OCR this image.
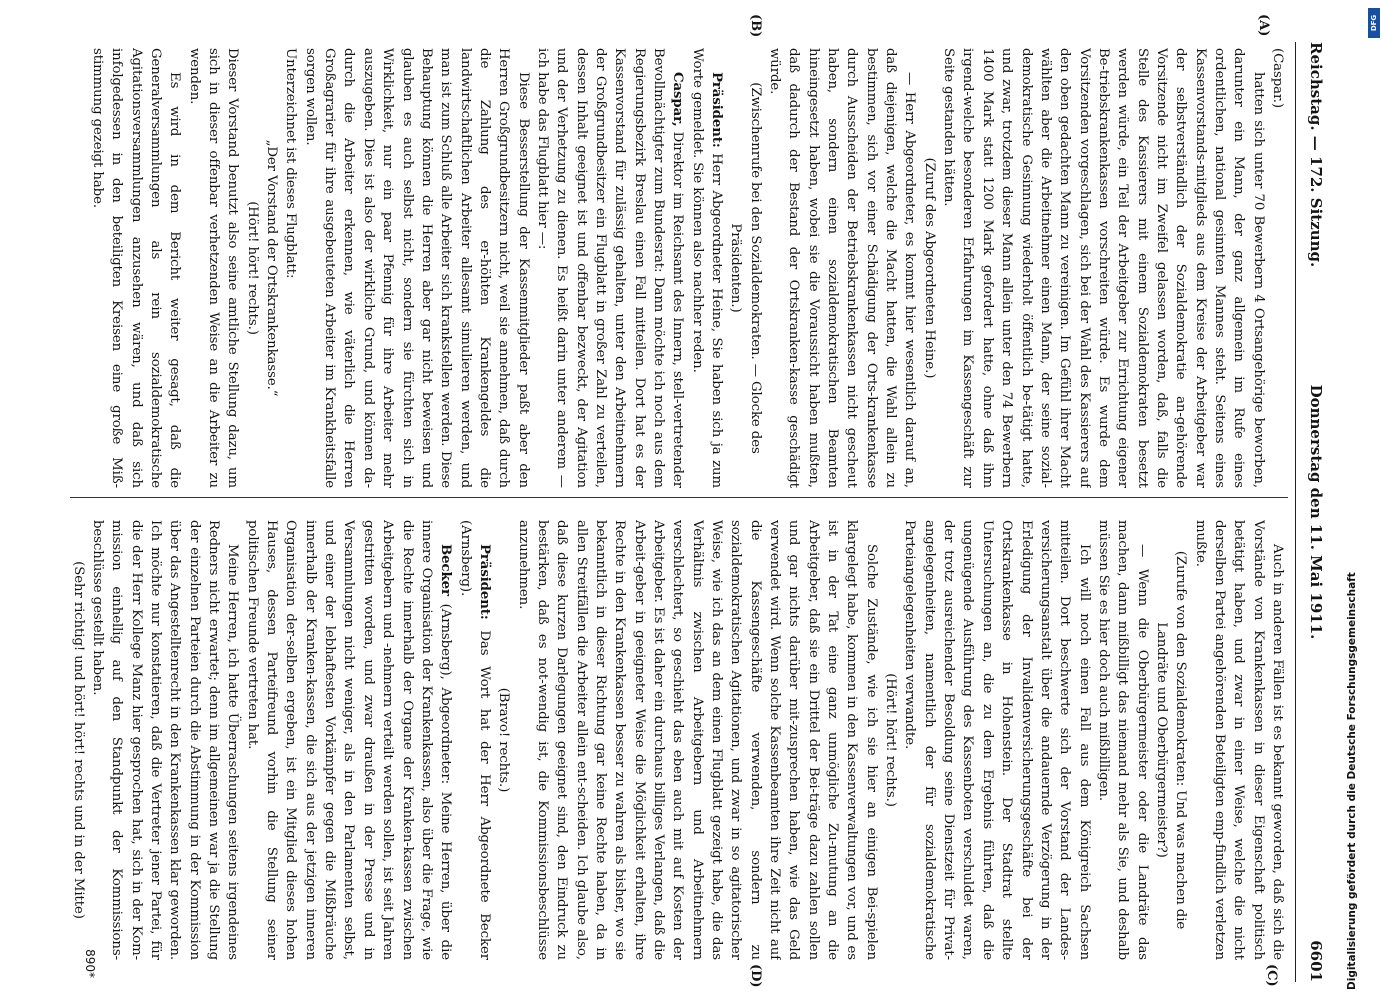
Reichstag. — 172. Sitzung.
Donnerstag den 11. Mai 1911.
6601
(A)
(B)
(C)
(D)

(Caspar.)

hatten sich unter 70 Bewerbern 4 Ortsangehörige beworben, darunter ein Mann, der ganz allgemein im Rufe eines ordentlichen, national gesinnten Mannes steht. Seitens eines Kassenvorstands-mitglieds aus dem Kreise der Arbeitgeber war der selbstverständlich der Sozialdemokratie an-gehörende Vorsitzende nicht im Zweifel gelassen worden, daß, falls die Stelle des Kassierers mit einem Sozialdemokraten besetzt werden würde, ein Teil der Arbeitgeber zur Errichtung eigener Be-triebskrankenkassen vorschreiten würde. Es wurde dem Vorsitzenden vorgeschlagen, sich bei der Wahl des Kassierers auf den oben gedachten Mann zu vereinigen. Im Gefühl ihrer Macht wählten aber die Arbeitnehmer einen Mann, der seine sozial-demokratische Gesinnung wiederholt öffentlich be-tätigt hatte, und zwar, trotzdem dieser Mann allein unter den 74 Bewerbern 1400 Mark statt 1200 Mark gefordert hatte, ohne daß ihm irgend-welche besonderen Erfahrungen im Kassengeschäft zur Seite gestanden hätten.

(Zuruf des Abgeordneten Heine.)

— Herr Abgeordneter, es kommt hier wesentlich darauf an, daß diejenigen, welche die Macht hatten, die Wahl allein zu bestimmen, sich vor einer Schädigung der Orts-krankenkasse durch Ausscheiden der Betriebskrankenkassen nicht gescheut haben, sondern einen sozialdemokratischen Beamten hineingesetzt haben, wobei sie die Voraussicht haben mußten, daß dadurch der Bestand der Ortskranken-kasse geschädigt würde.

(Zwischenrufe bei den Sozialdemokraten. — Glocke des Präsidenten.)

Präsident: Herr Abgeordneter Heine, Sie haben sich ja zum Worte gemeldet. Sie können also nachher reden.

Caspar, Direktor im Reichsamt des Innern, stell-vertretender Bevollmächtigter zum Bundesrat: Dann möchte ich noch aus dem Regierungsbezirk Breslau einen Fall mitteilen. Dort hat es der Kassenvorstand für zulässig gehalten, unter den Arbeitnehmern der Großgrundbesitzer ein Flugblatt in großer Zahl zu verteilen, dessen Inhalt geeignet ist und offenbar bezweckt, der Agitation und der Verhetzung zu dienen. Es heißt darin unter anderem — ich habe das Flugblatt hier —:

Diese Besserstellung der Kassenmitglieder paßt aber den Herren Großgrundbesitzern nicht, weil sie annehmen, daß durch die Zahlung des er-höhten Krankengeldes die landwirtschaftlichen Arbeiter allesamt simulieren werden, und man ist zum Schluß alle Arbeiter sich krankstellen werden. Diese Behauptung können die Herren aber gar nicht beweisen und glauben es auch selbst nicht, sondern sie fürchten sich in Wirklichkeit, nur ein paar Pfennig für ihre Arbeiter mehr auszugeben. Dies ist also der wirkliche Grund, und können da-durch die Arbeiter erkennen, wie väterlich die Herren Großagrarier für ihre ausgebeuteten Arbeiter im Krankheitsfalle sorgen wollen.

Unterzeichnet ist dieses Flugblatt:

„Der Vorstand der Ortskrankenkasse.“

(Hört! hört! rechts.)

Dieser Vorstand benutzt also seine amtliche Stellung dazu, um sich in dieser offenbar verhetzenden Weise an die Arbeiter zu wenden.

Es wird in dem Bericht weiter gesagt, daß die Generalversammlungen als rein sozialdemokratische Agitationsversammlungen anzusehen wären, und daß sich infolgedessen in den beteiligten Kreisen eine große Miß-stimmung gezeigt habe.

Auch in anderen Fällen ist es bekannt geworden, daß sich die Vorstände von Krankenkassen in dieser Eigenschaft politisch betätigt haben, und zwar in einer Weise, welche die nicht derselben Partei angehörenden Beteiligten emp-findlich verletzen mußte.

(Zurufe von den Sozialdemokraten: Und was machen die Landräte und Oberbürgermeister?)

— Wenn die Oberbürgermeister oder die Landräte das machen, dann mißbilligt das niemand mehr als Sie, und deshalb müssen Sie es hier doch auch mißbilligen.

Ich will noch einen Fall aus dem Königreich Sachsen mitteilen. Dort beschwerte sich der Vorstand der Landes-versicherungsanstalt über die andauernde Verzögerung in der Erledigung der Invalidenversicherungsgeschäfte bei der Ortskrankenkasse in Hohenstein. Der Stadtrat stellte Untersuchungen an, die zu dem Ergebnis führten, daß die ungenügende Ausführung des Kassenboten verschuldet waren, der trotz ausreichender Besoldung seine Dienstzeit für Privat-angelegenheiten, namentlich der für sozialdemokratische Parteiangelegenheiten verwandte.

(Hört! hört! rechts.)

Solche Zustände, wie ich sie hier an einigen Bei-spielen klargelegt habe, kommen in den Kassenverwaltungen vor, und es ist in der Tat eine ganz unmögliche Zu-mutung an die Arbeitgeber, daß sie ein Drittel der Bei-träge dazu zahlen sollen und gar nichts darüber mit-zusprechen haben, wie das Geld verwendet wird. Wenn solche Kassenbeamten ihre Zeit nicht auf die Kassengeschäfte verwenden, sondern zu sozialdemokratischen Agitationen, und zwar in so agitatorischer Weise, wie ich das an dem einen Flugblatt gezeigt habe, die das Verhältnis zwischen Arbeitgebern und Arbeitnehmern verschlechtert, so geschieht das eben auch mit auf Kosten der Arbeitgeber. Es ist daher ein durchaus billiges Verlangen, daß die Arbeit-geber in geeigneter Weise die Möglichkeit erhalten, ihre Rechte in den Krankenkassen besser zu wahren als bisher, wo sie bekanntlich in dieser Richtung gar keine Rechte haben, da in allen Streitfällen die Arbeiter allein ent-scheiden. Ich glaube also, daß diese kurzen Darlegungen geeignet sind, den Eindruck zu bestärken, daß es not-wendig ist, die Kommissionsbeschlüsse anzunehmen.

(Bravo! rechts.)

Präsident: Das Wort hat der Herr Abgeordnete Becker (Arnsberg).

Becker (Arnsberg), Abgeordneter: Meine Herren, über die innere Organisation der Krankenkassen, also über die Frage, wie die Rechte innerhalb der Organe der Kranken-kassen zwischen Arbeitgebern und -nehmern verteilt werden sollen, ist seit Jahren gestritten worden, und zwar draußen in der Presse und in Versammlungen nicht weniger, als in den Parlamenten selbst, und einer der lebhaftesten Vorkämpfer gegen die Mißbräuche innerhalb der Kranken-kassen, die sich aus der jetzigen inneren Organisation der-selben ergeben, ist ein Mitglied dieses hohen Hauses, dessen Parteifreund vorhin die Stellung seiner politischen Freunde vertreten hat.

Meine Herren, ich hatte Überraschungen seitens irgendeines Redners nicht erwartet; denn im allgemeinen war ja die Stellung der einzelnen Parteien durch die Abstimmung in der Kommission über das Angestelltenrecht in den Krankenkassen klar geworden. Ich möchte nur konstatieren, daß die Vertreter jener Partei, für die der Herr Kollege Manz hier gesprochen hat, sich in der Kom-mission einhellig auf den Standpunkt der Kommissions-beschlüsse gestellt haben.

(Sehr richtig! und hört! hört! rechts und in der Mitte)

890*
DFG
Digitalisierung gefördert durch die Deutsche Forschungsgemeinschaft
